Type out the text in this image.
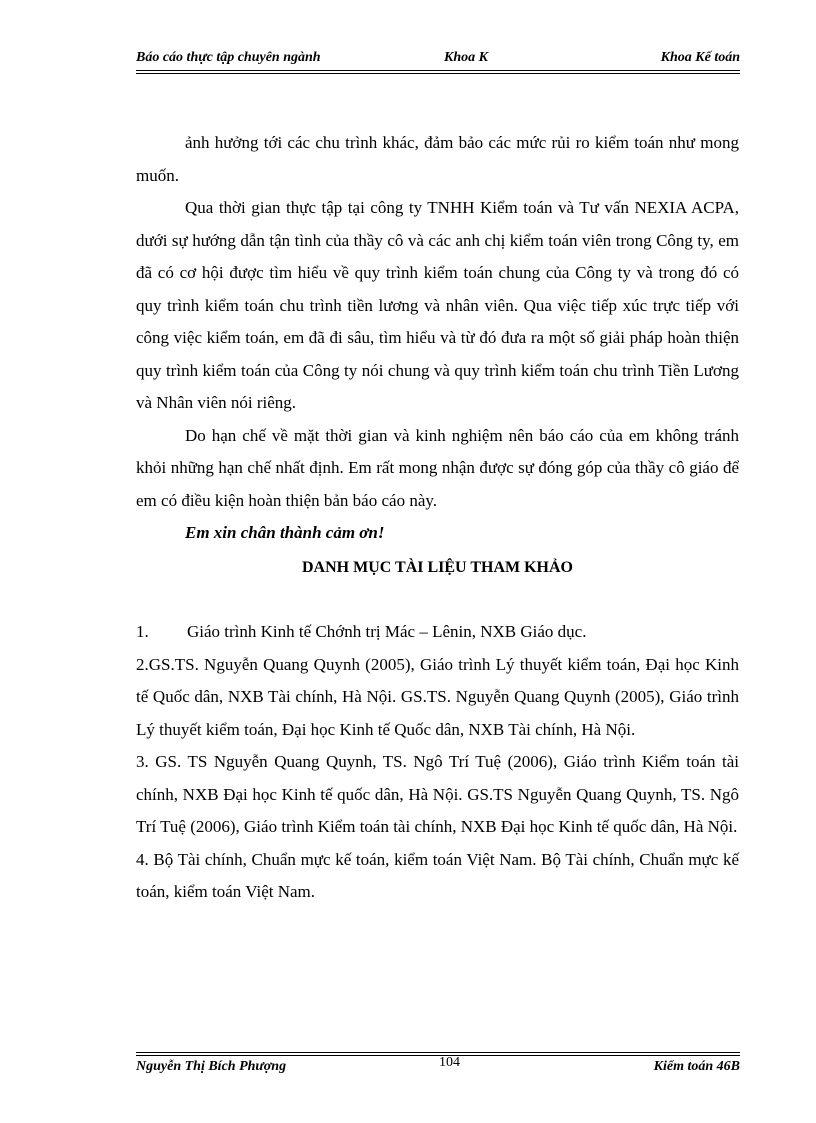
Báo cáo thực tập chuyên ngành	Khoa K	Khoa Kế toán

ảnh hưởng tới các chu trình khác, đảm bảo các mức rủi ro kiểm toán như mong muốn.

Qua thời gian thực tập tại công ty TNHH Kiểm toán và Tư vấn NEXIA ACPA, dưới sự hướng dẫn tận tình của thầy cô và các anh chị kiểm toán viên trong Công ty, em đã có cơ hội được tìm hiểu về quy trình kiểm toán chung của Công ty và trong đó có quy trình kiểm toán chu trình tiền lương và nhân viên. Qua việc tiếp xúc trực tiếp với công việc kiểm toán, em đã đi sâu, tìm hiểu và từ đó đưa ra một số giải pháp hoàn thiện quy trình kiểm toán của Công ty nói chung và quy trình kiểm toán chu trình Tiền Lương và Nhân viên nói riêng.

Do hạn chế về mặt thời gian và kinh nghiệm nên báo cáo của em không tránh khỏi những hạn chế nhất định. Em rất mong nhận được sự đóng góp của thầy cô giáo để em có điều kiện hoàn thiện bản báo cáo này.

Em xin chân thành cảm ơn!

DANH MỤC TÀI LIỆU THAM KHẢO

1. Giáo trình Kinh tế Chớnh trị Mác – Lênin, NXB Giáo dục.

2.GS.TS. Nguyễn Quang Quynh (2005), Giáo trình Lý thuyết kiểm toán, Đại học Kinh tế Quốc dân, NXB Tài chính, Hà Nội. GS.TS. Nguyễn Quang Quynh (2005), Giáo trình Lý thuyết kiểm toán, Đại học Kinh tế Quốc dân, NXB Tài chính, Hà Nội.

3. GS. TS Nguyễn Quang Quynh, TS. Ngô Trí Tuệ (2006), Giáo trình Kiểm toán tài chính, NXB Đại học Kinh tế quốc dân, Hà Nội. GS.TS Nguyễn Quang Quynh, TS. Ngô Trí Tuệ (2006), Giáo trình Kiểm toán tài chính, NXB Đại học Kinh tế quốc dân, Hà Nội.

4. Bộ Tài chính, Chuẩn mực kế toán, kiểm toán Việt Nam. Bộ Tài chính, Chuẩn mực kế toán, kiểm toán Việt Nam.

Nguyễn Thị Bích Phượng	104	Kiểm toán 46B
